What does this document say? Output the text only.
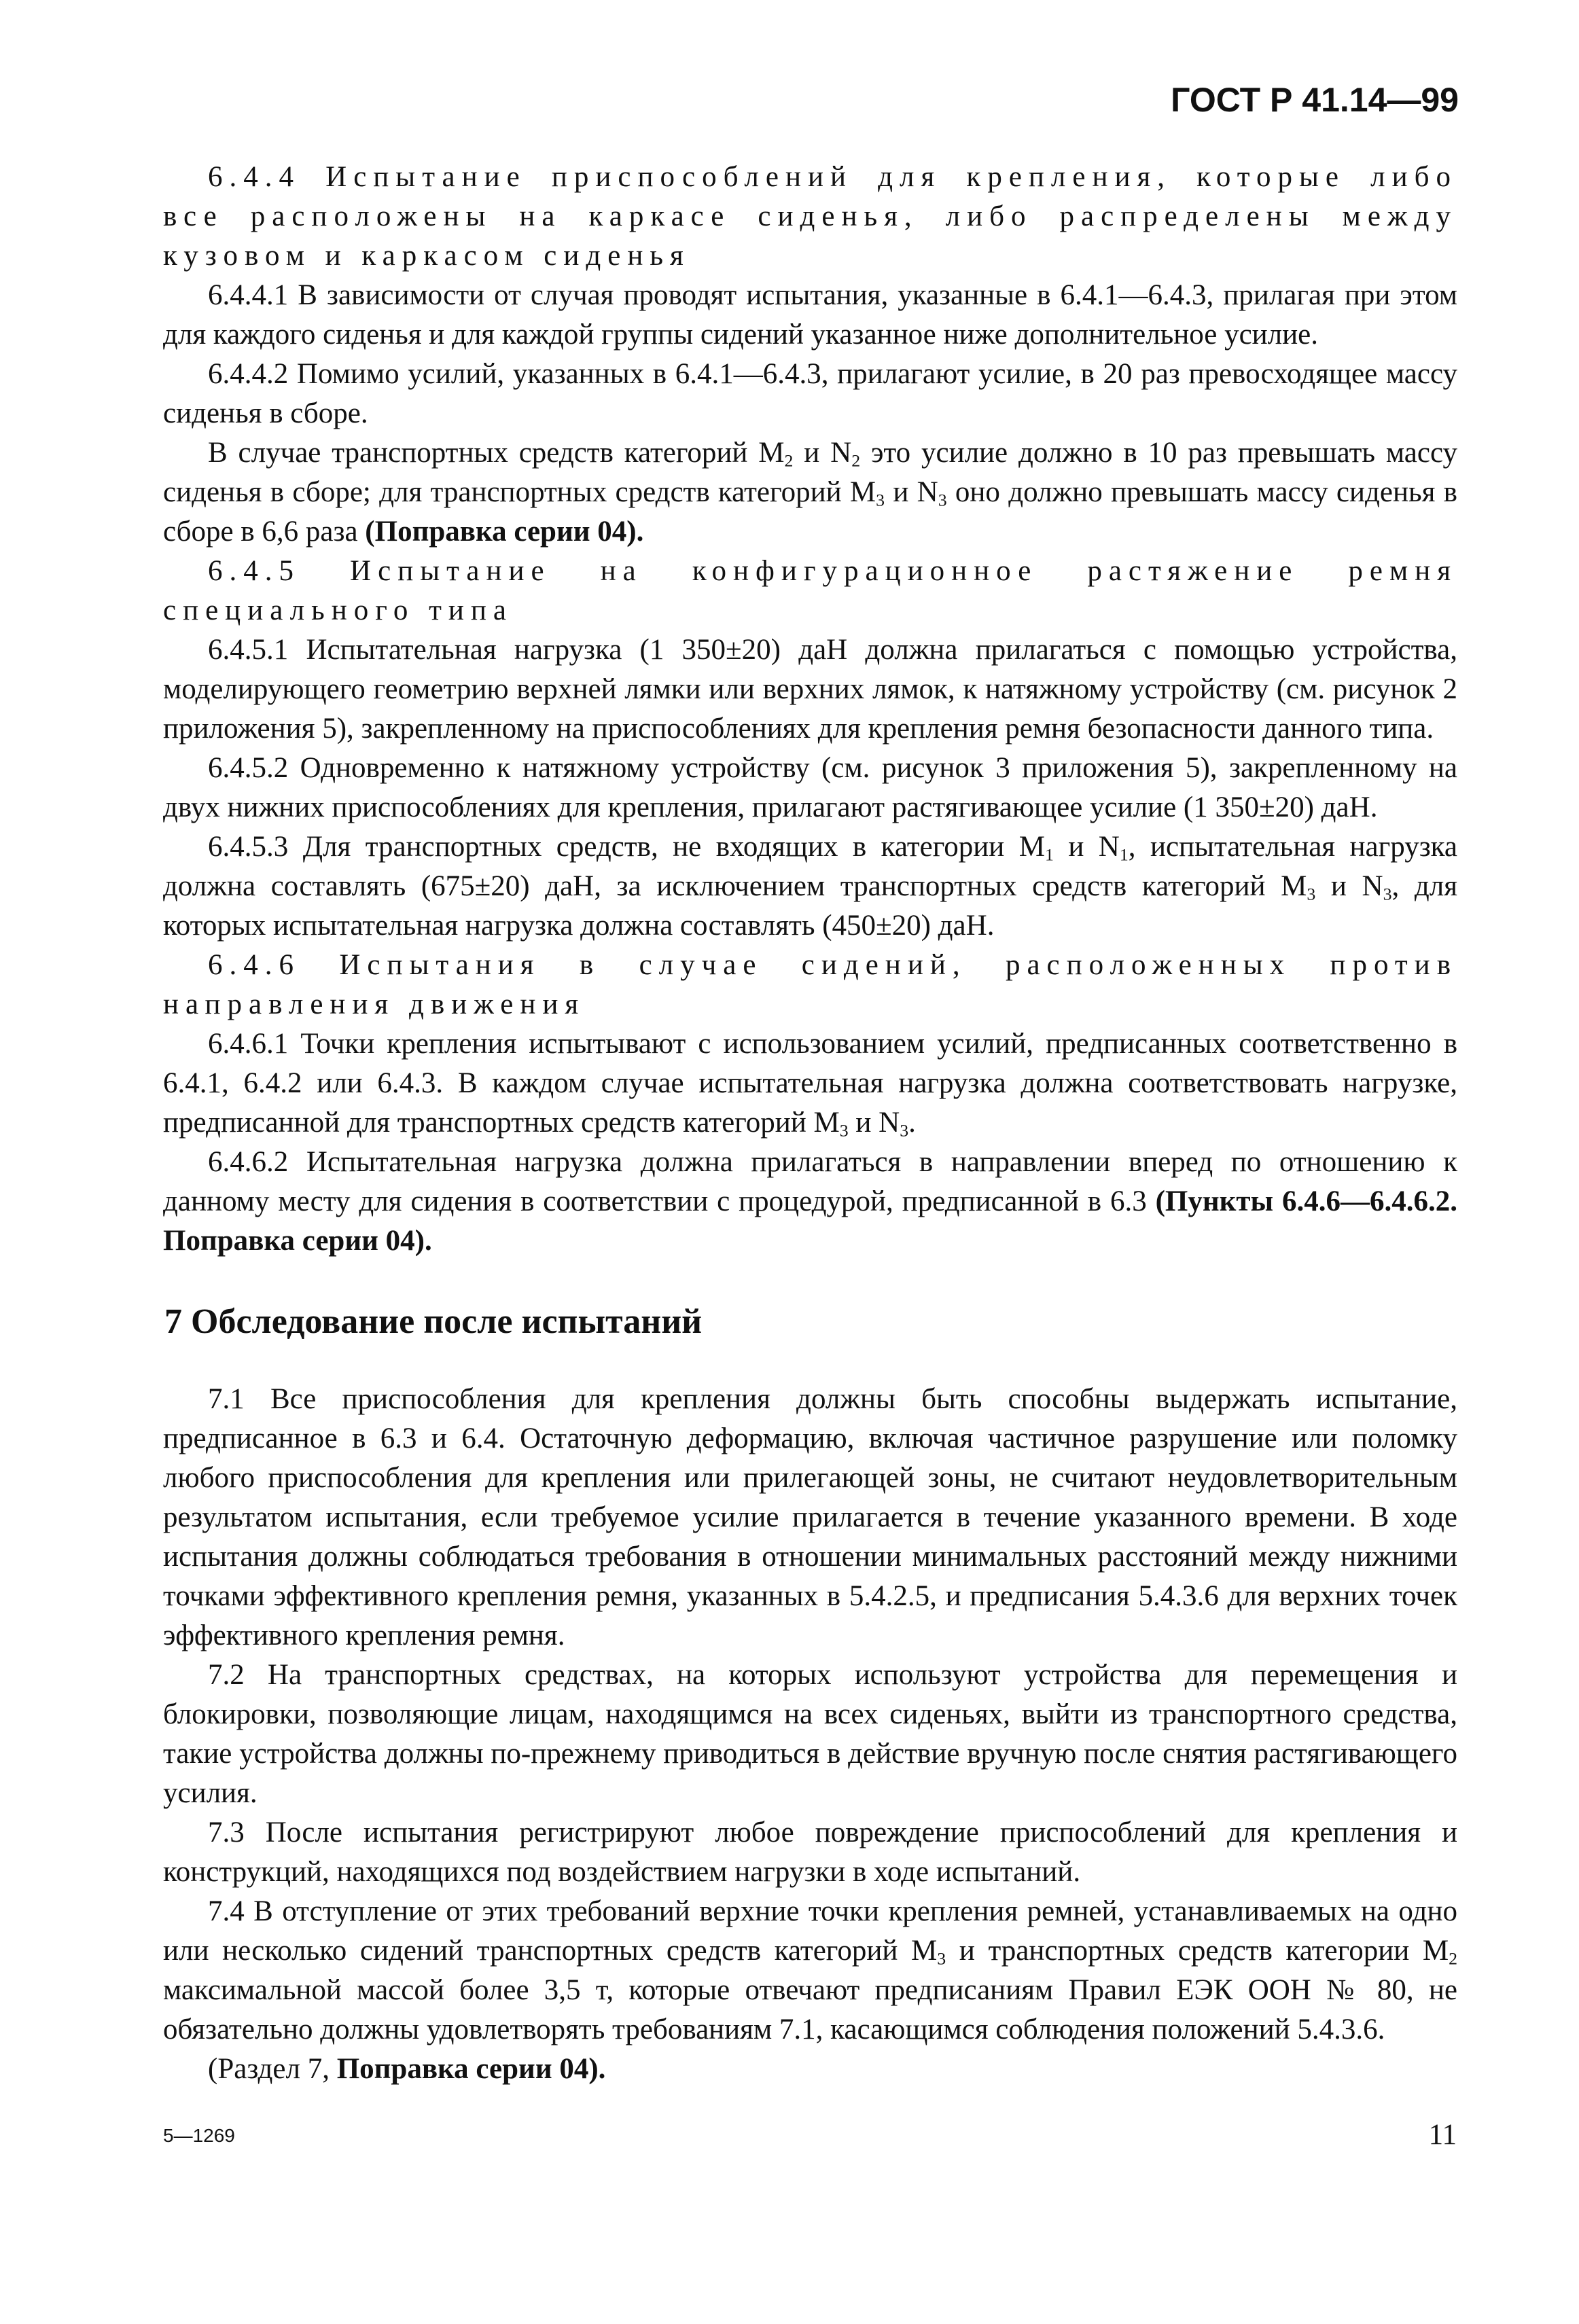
ГОСТ Р 41.14—99

6.4.4 Испытание приспособлений для крепления, которые либо все расположены на каркасе сиденья, либо распределены между кузовом и каркасом сиденья

6.4.4.1 В зависимости от случая проводят испытания, указанные в 6.4.1—6.4.3, прилагая при этом для каждого сиденья и для каждой группы сидений указанное ниже дополнительное усилие.

6.4.4.2 Помимо усилий, указанных в 6.4.1—6.4.3, прилагают усилие, в 20 раз превосходящее массу сиденья в сборе.

В случае транспортных средств категорий $M_2$ и $N_2$ это усилие должно в 10 раз превышать массу сиденья в сборе; для транспортных средств категорий $M_3$ и $N_3$ оно должно превышать массу сиденья в сборе в 6,6 раза (Поправка серии 04).

6.4.5 Испытание на конфигурационное растяжение ремня специального типа

6.4.5.1 Испытательная нагрузка (1 350±20) даН должна прилагаться с помощью устройства, моделирующего геометрию верхней лямки или верхних лямок, к натяжному устройству (см. рисунок 2 приложения 5), закрепленному на приспособлениях для крепления ремня безопасности данного типа.

6.4.5.2 Одновременно к натяжному устройству (см. рисунок 3 приложения 5), закрепленному на двух нижних приспособлениях для крепления, прилагают растягивающее усилие (1 350±20) даН.

6.4.5.3 Для транспортных средств, не входящих в категории $M_1$ и $N_1$, испытательная нагрузка должна составлять (675±20) даН, за исключением транспортных средств категорий $M_3$ и $N_3$, для которых испытательная нагрузка должна составлять (450±20) даН.

6.4.6 Испытания в случае сидений, расположенных против направления движения

6.4.6.1 Точки крепления испытывают с использованием усилий, предписанных соответственно в 6.4.1, 6.4.2 или 6.4.3. В каждом случае испытательная нагрузка должна соответствовать нагрузке, предписанной для транспортных средств категорий $M_3$ и $N_3$.

6.4.6.2 Испытательная нагрузка должна прилагаться в направлении вперед по отношению к данному месту для сидения в соответствии с процедурой, предписанной в 6.3 (Пункты 6.4.6—6.4.6.2. Поправка серии 04).

7 Обследование после испытаний

7.1 Все приспособления для крепления должны быть способны выдержать испытание, предписанное в 6.3 и 6.4. Остаточную деформацию, включая частичное разрушение или поломку любого приспособления для крепления или прилегающей зоны, не считают неудовлетворительным результатом испытания, если требуемое усилие прилагается в течение указанного времени. В ходе испытания должны соблюдаться требования в отношении минимальных расстояний между нижними точками эффективного крепления ремня, указанных в 5.4.2.5, и предписания 5.4.3.6 для верхних точек эффективного крепления ремня.

7.2 На транспортных средствах, на которых используют устройства для перемещения и блокировки, позволяющие лицам, находящимся на всех сиденьях, выйти из транспортного средства, такие устройства должны по-прежнему приводиться в действие вручную после снятия растягивающего усилия.

7.3 После испытания регистрируют любое повреждение приспособлений для крепления и конструкций, находящихся под воздействием нагрузки в ходе испытаний.

7.4 В отступление от этих требований верхние точки крепления ремней, устанавливаемых на одно или несколько сидений транспортных средств категорий $M_3$ и транспортных средств категории $M_2$ максимальной массой более 3,5 т, которые отвечают предписаниям Правил ЕЭК ООН № 80, не обязательно должны удовлетворять требованиям 7.1, касающимся соблюдения положений 5.4.3.6.

(Раздел 7, Поправка серии 04).

5—1269	11
